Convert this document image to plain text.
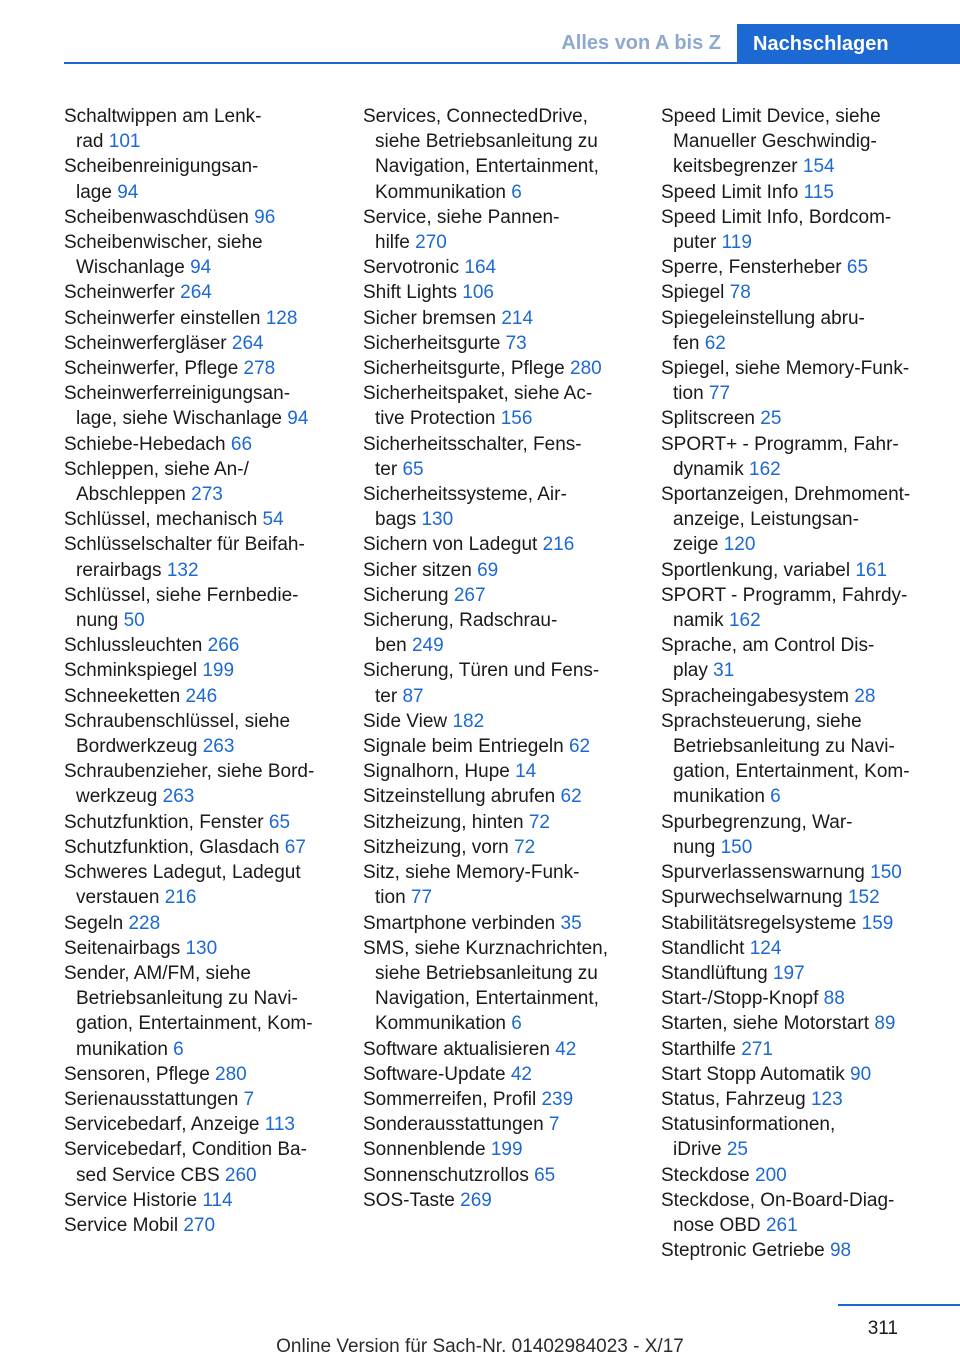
Alles von A bis Z	Nachschlagen

Schaltwippen am Lenk-
rad 101

Scheibenreinigungsan-
lage 94

Scheibenwaschdüsen 96

Scheibenwischer, siehe
Wischanlage 94

Scheinwerfer 264

Scheinwerfer einstellen 128

Scheinwerfergläser 264

Scheinwerfer, Pflege 278

Scheinwerferreinigungsan-
lage, siehe Wischanlage 94

Schiebe-Hebedach 66

Schleppen, siehe An-/
Abschleppen 273

Schlüssel, mechanisch 54

Schlüsselschalter für Beifah-
rerairbags 132

Schlüssel, siehe Fernbedie-
nung 50

Schlussleuchten 266

Schminkspiegel 199

Schneeketten 246

Schraubenschlüssel, siehe
Bordwerkzeug 263

Schraubenzieher, siehe Bord-
werkzeug 263

Schutzfunktion, Fenster 65

Schutzfunktion, Glasdach 67

Schweres Ladegut, Ladegut
verstauen 216

Segeln 228

Seitenairbags 130

Sender, AM/FM, siehe
Betriebsanleitung zu Navi-
gation, Entertainment, Kom-
munikation 6

Sensoren, Pflege 280

Serienausstattungen 7

Servicebedarf, Anzeige 113

Servicebedarf, Condition Ba-
sed Service CBS 260

Service Historie 114

Service Mobil 270

Services, ConnectedDrive,
siehe Betriebsanleitung zu
Navigation, Entertainment,
Kommunikation 6

Service, siehe Pannen-
hilfe 270

Servotronic 164

Shift Lights 106

Sicher bremsen 214

Sicherheitsgurte 73

Sicherheitsgurte, Pflege 280

Sicherheitspaket, siehe Ac-
tive Protection 156

Sicherheitsschalter, Fens-
ter 65

Sicherheitssysteme, Air-
bags 130

Sichern von Ladegut 216

Sicher sitzen 69

Sicherung 267

Sicherung, Radschrau-
ben 249

Sicherung, Türen und Fens-
ter 87

Side View 182

Signale beim Entriegeln 62

Signalhorn, Hupe 14

Sitzeinstellung abrufen 62

Sitzheizung, hinten 72

Sitzheizung, vorn 72

Sitz, siehe Memory-Funk-
tion 77

Smartphone verbinden 35

SMS, siehe Kurznachrichten,
siehe Betriebsanleitung zu
Navigation, Entertainment,
Kommunikation 6

Software aktualisieren 42

Software-Update 42

Sommerreifen, Profil 239

Sonderausstattungen 7

Sonnenblende 199

Sonnenschutzrollos 65

SOS-Taste 269

Speed Limit Device, siehe
Manueller Geschwindig-
keitsbegrenzer 154

Speed Limit Info 115

Speed Limit Info, Bordcom-
puter 119

Sperre, Fensterheber 65

Spiegel 78

Spiegeleinstellung abru-
fen 62

Spiegel, siehe Memory-Funk-
tion 77

Splitscreen 25

SPORT+ - Programm, Fahr-
dynamik 162

Sportanzeigen, Drehmoment-
anzeige, Leistungsan-
zeige 120

Sportlenkung, variabel 161

SPORT - Programm, Fahrdy-
namik 162

Sprache, am Control Dis-
play 31

Spracheingabesystem 28

Sprachsteuerung, siehe
Betriebsanleitung zu Navi-
gation, Entertainment, Kom-
munikation 6

Spurbegrenzung, War-
nung 150

Spurverlassenswarnung 150

Spurwechselwarnung 152

Stabilitätsregelsysteme 159

Standlicht 124

Standlüftung 197

Start-/Stopp-Knopf 88

Starten, siehe Motorstart 89

Starthilfe 271

Start Stopp Automatik 90

Status, Fahrzeug 123

Statusinformationen,
iDrive 25

Steckdose 200

Steckdose, On-Board-Diag-
nose OBD 261

Steptronic Getriebe 98

311
Online Version für Sach-Nr. 01402984023 - X/17
